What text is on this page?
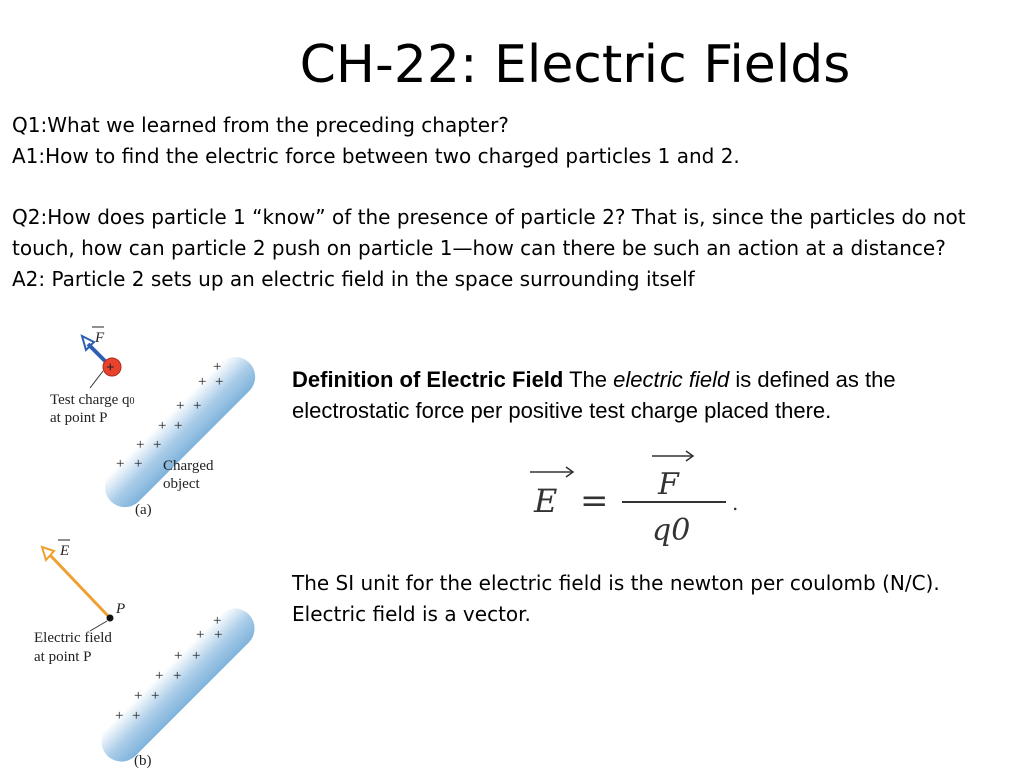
CH-22: Electric Fields

Q1:What we learned from the preceding chapter?

A1:How to find the electric force between two charged particles 1 and 2.

Q2:How does particle 1 “know” of the presence of particle 2? That is, since the particles do not touch, how can particle 2 push on particle 1—how can there be such an action at a distance?

A2: Particle 2 sets up an electric field in the space surrounding itself

+
+ +
+ +
+ +
+ +
+ +
F
+
Test charge q0
at point P
Charged
object
(a)
+
+ +
+ +
+ +
+ +
+ +
E
P
Electric field
at point P
(b)
Definition of Electric Field The electric field is defined as the electrostatic force per positive test charge placed there.
E = F
q0
.

The SI unit for the electric field is the newton per coulomb (N/C).

Electric field is a vector.
